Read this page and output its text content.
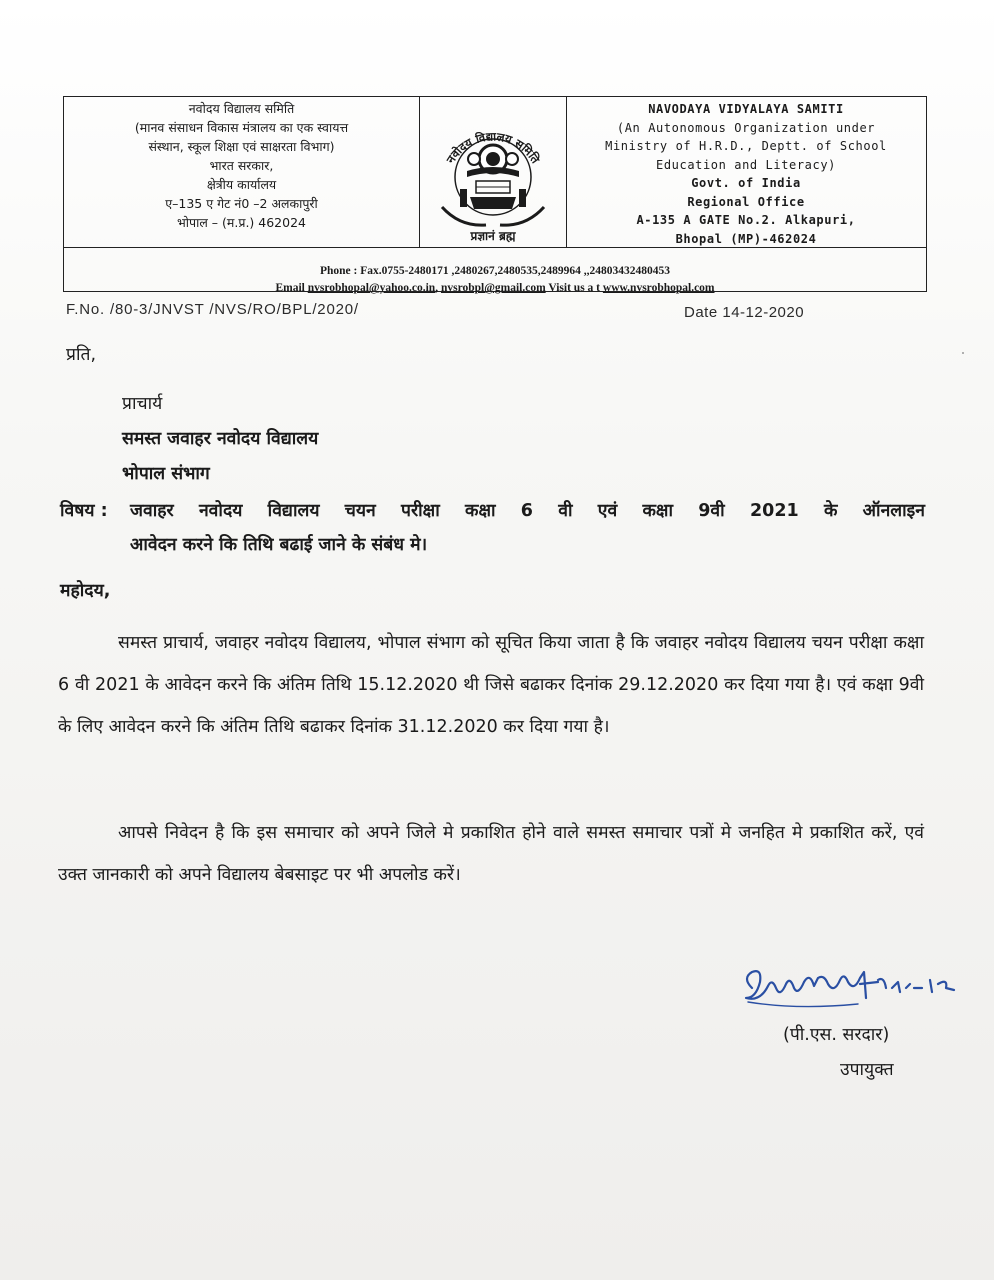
नवोदय विद्यालय समिति
(मानव संसाधन विकास मंत्रालय का एक स्वायत्त
संस्थान, स्कूल शिक्षा एवं साक्षरता विभाग)
भारत सरकार,
क्षेत्रीय कार्यालय
ए–135 ए गेट नं0 –2 अलकापुरी
भोपाल – (म.प्र.) 462024
नवोदय विद्यालय समिति
प्रज्ञानं ब्रह्म
NAVODAYA VIDYALAYA SAMITI
(An Autonomous Organization under
Ministry of H.R.D., Deptt. of School
Education and Literacy)
Govt. of India
Regional Office
A-135 A GATE No.2. Alkapuri,
Bhopal (MP)-462024
Phone : Fax.0755-2480171 ,2480267,2480535,2489964 ,,24803432480453
Email nvsrobhopal@yahoo.co.in, nvsrobpl@gmail.com Visit us a t www.nvsrobhopal.com
F.No. /80-3/JNVST /NVS/RO/BPL/2020/	Date 14-12-2020
प्रति,
प्राचार्य
समस्त जवाहर नवोदय विद्यालय
भोपाल संभाग
विषय : जवाहर नवोदय विद्यालय चयन परीक्षा कक्षा 6 वी एवं कक्षा 9वी 2021 के ऑनलाइन
आवेदन करने कि तिथि बढाई जाने के संबंध मे।
महोदय,
समस्त प्राचार्य, जवाहर नवोदय विद्यालय, भोपाल संभाग को सूचित किया जाता है कि जवाहर नवोदय विद्यालय चयन परीक्षा कक्षा 6 वी 2021 के आवेदन करने कि अंतिम तिथि 15.12.2020 थी जिसे बढाकर दिनांक 29.12.2020 कर दिया गया है। एवं कक्षा 9वी के लिए आवेदन करने कि अंतिम तिथि बढाकर दिनांक 31.12.2020 कर दिया गया है।
आपसे निवेदन है कि इस समाचार को अपने जिले मे प्रकाशित होने वाले समस्त समाचार पत्रों मे जनहित मे प्रकाशित करें, एवं उक्त जानकारी को अपने विद्यालय बेबसाइट पर भी अपलोड करें।
(पी.एस. सरदार)
उपायुक्त
